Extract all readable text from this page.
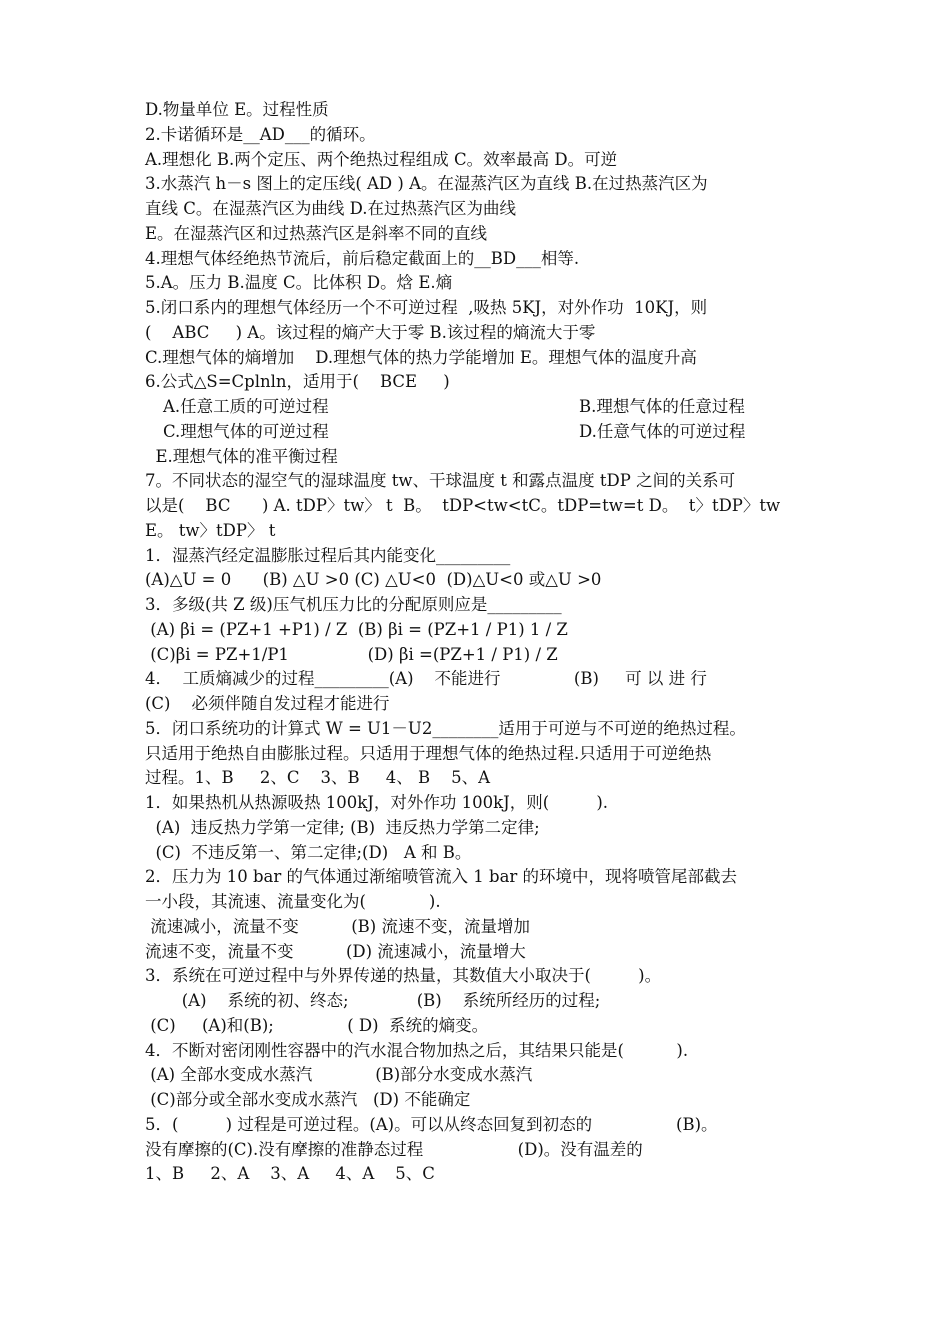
D.物量单位 E。过程性质
2.卡诺循环是__AD___的循环。
A.理想化 B.两个定压、两个绝热过程组成 C。效率最高 D。可逆
3.水蒸汽 h－s 图上的定压线( AD ) A。在湿蒸汽区为直线 B.在过热蒸汽区为
直线 C。在湿蒸汽区为曲线 D.在过热蒸汽区为曲线
E。在湿蒸汽区和过热蒸汽区是斜率不同的直线
4.理想气体经绝热节流后，前后稳定截面上的__BD___相等.
5.A。压力 B.温度 C。比体积 D。焓 E.熵
5.闭口系内的理想气体经历一个不可逆过程  ,吸热 5KJ，对外作功  10KJ，则
(    ABC     ) A。该过程的熵产大于零 B.该过程的熵流大于零
C.理想气体的熵增加    D.理想气体的热力学能增加 E。理想气体的温度升高
6.公式△S=Cplnln，适用于(    BCE     )

A.任意工质的可逆过程

	B.理想气体的任意过程

C.理想气体的可逆过程

	D.任意气体的可逆过程

E.理想气体的准平衡过程
7。不同状态的湿空气的湿球温度 tw、干球温度 t 和露点温度 tDP 之间的关系可
以是(    BC      ) A. tDP〉tw〉 t  B。  tDP<tw<tC。tDP=tw=t D。  t〉tDP〉tw
E。 tw〉tDP〉 t
1．湿蒸汽经定温膨胀过程后其内能变化_________
(A)△U = 0      (B) △U >0 (C) △U<0  (D)△U<0 或△U >0
3．多级(共 Z 级)压气机压力比的分配原则应是_________
(A) βi = (PZ+1 +P1) / Z  (B) βi = (PZ+1 / P1) 1 / Z
(C)βi = PZ+1/P1               (D) βi =(PZ+1 / P1) / Z
4．  工质熵减少的过程_________(A)    不能进行              (B)     可 以 进 行
(C)    必须伴随自发过程才能进行
5．闭口系统功的计算式 W = U1－U2________适用于可逆与不可逆的绝热过程。
只适用于绝热自由膨胀过程。只适用于理想气体的绝热过程.只适用于可逆绝热
过程。1、B     2、C    3、B     4、 B    5、A
1．如果热机从热源吸热 100kJ，对外作功 100kJ，则(         ).
(A)  违反热力学第一定律; (B)  违反热力学第二定律;
(C)  不违反第一、第二定律;(D)   A 和 B。
2．压力为 10 bar 的气体通过渐缩喷管流入 1 bar 的环境中，现将喷管尾部截去
一小段，其流速、流量变化为(            ).
流速减小，流量不变          (B) 流速不变，流量增加
流速不变，流量不变          (D) 流速减小，流量增大
3．系统在可逆过程中与外界传递的热量，其数值大小取决于(         )。
(A)    系统的初、终态;             (B)    系统所经历的过程;
(C)     (A)和(B);              ( D)  系统的熵变。
4．不断对密闭刚性容器中的汽水混合物加热之后，其结果只能是(          ).
(A) 全部水变成水蒸汽            (B)部分水变成水蒸汽
(C)部分或全部水变成水蒸汽   (D) 不能确定
5．(         ) 过程是可逆过程。(A)。可以从终态回复到初态的                (B)。
没有摩擦的(C).没有摩擦的准静态过程                  (D)。没有温差的
1、B     2、A    3、A     4、A    5、C
